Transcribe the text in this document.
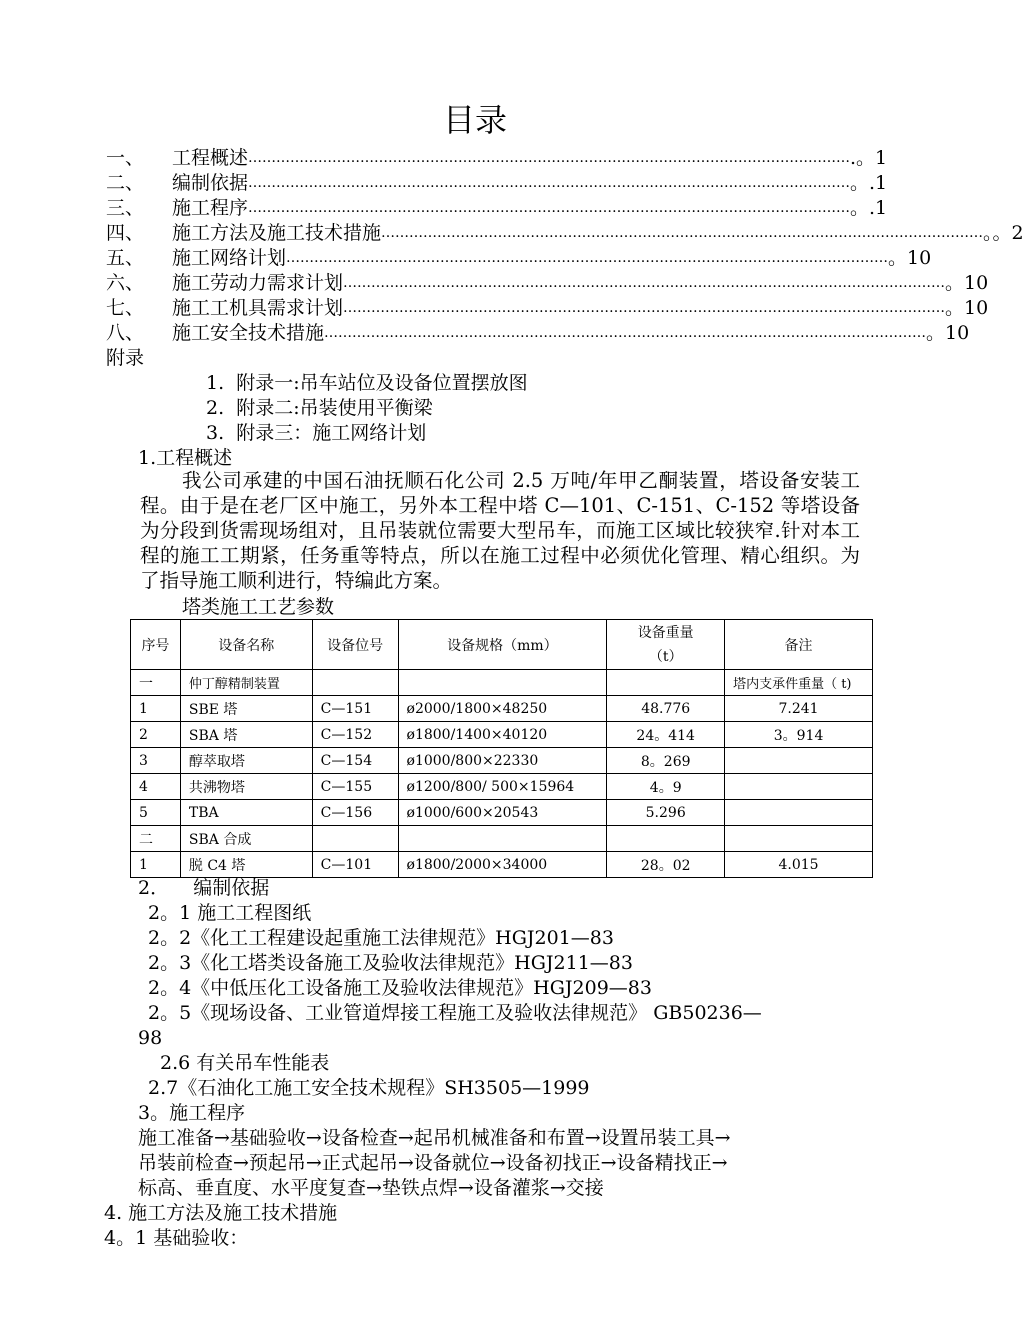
目录
一、	工程概述 ………………………………………………………………………………………………………………… .。1
二、	编制依据 ………………………………………………………………………………………………………………… 。.1
三、	施工程序 ………………………………………………………………………………………………………………… 。.1
四、	施工方法及施工技术措施 ………………………………………………………………………………………………………………… 。。2
五、	施工网络计划 ………………………………………………………………………………………………………………… 。10
六、	施工劳动力需求计划 ………………………………………………………………………………………………………………… 。10
七、	施工工机具需求计划 ………………………………………………………………………………………………………………… 。10
八、	施工安全技术措施 ………………………………………………………………………………………………………………… 。10
附录
1.  附录一:吊车站位及设备位置摆放图
2.  附录二:吊装使用平衡梁
3.  附录三：施工网络计划
1.工程概述
我公司承建的中国石油抚顺石化公司 2.5 万吨/年甲乙酮装置，塔设备安装工程。由于是在老厂区中施工，另外本工程中塔 C—101、C-151、C-152 等塔设备为分段到货需现场组对，且吊装就位需要大型吊车，而施工区域比较狭窄.针对本工程的施工工期紧，任务重等特点，所以在施工过程中必须优化管理、精心组织。为了指导施工顺利进行，特编此方案。
塔类施工工艺参数
序号	设备名称	设备位号	设备规格（mm）	设备重量（t）	备注
一	仲丁醇精制装置				塔内支承件重量（ t)
1	SBE 塔	C—151	ø2000/1800×48250	48.776	7.241
2	SBA 塔	C—152	ø1800/1400×40120	24。414	3。914
3	醇萃取塔	C—154	ø1000/800×22330	8。269	
4	共沸物塔	C—155	ø1200/800/ 500×15964	4。9	
5	TBA	C—156	ø1000/600×20543	5.296	
二	SBA 合成				
1	脱 C4 塔	C—101	ø1800/2000×34000	28。02	4.015
2．    编制依据
2。1 施工工程图纸
2。2《化工工程建设起重施工法律规范》HGJ201—83
2。3《化工塔类设备施工及验收法律规范》HGJ211—83
2。4《中低压化工设备施工及验收法律规范》HGJ209—83
2。5《现场设备、工业管道焊接工程施工及验收法律规范》 GB50236—
98
2.6 有关吊车性能表
2.7《石油化工施工安全技术规程》SH3505—1999
3。施工程序
施工准备→基础验收→设备检查→起吊机械准备和布置→设置吊装工具→
吊装前检查→预起吊→正式起吊→设备就位→设备初找正→设备精找正→
标高、垂直度、水平度复查→垫铁点焊→设备灌浆→交接
4. 施工方法及施工技术措施
4。1 基础验收：
